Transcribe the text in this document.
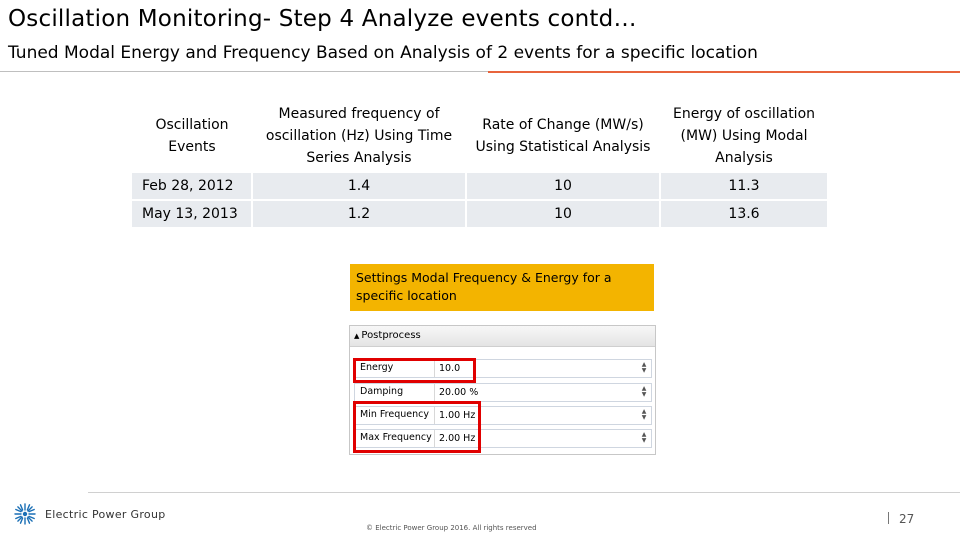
Oscillation Monitoring- Step 4 Analyze events contd…
Tuned Modal Energy and Frequency Based on Analysis of 2 events for a specific location
Oscillation Events	Measured frequency of oscillation (Hz) Using Time Series Analysis	Rate of Change (MW/s) Using Statistical Analysis	Energy of oscillation (MW) Using Modal Analysis
Feb 28, 2012	1.4	10	11.3
May 13, 2013	1.2	10	13.6
Settings Modal Frequency & Energy for a specific location
▲ Postprocess
Energy	10.0	▲
▼
Damping	20.00 %	▲
▼
Min Frequency	1.00 Hz	▲
▼
Max Frequency 2.00 Hz	▲
▼
Electric Power Group
© Electric Power Group 2016. All rights reserved
27
